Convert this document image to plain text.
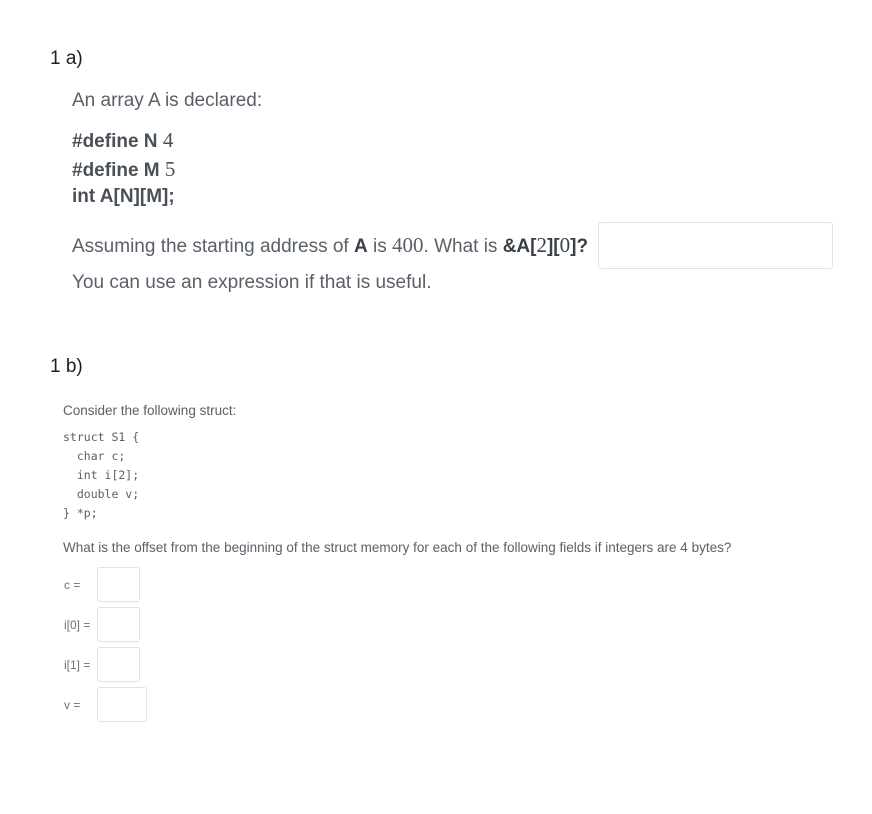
1 a)
An array A is declared:
#define N 4
#define M 5
int A[N][M];
Assuming the starting address of A is 400. What is &A[2][0]?
You can use an expression if that is useful.
1 b)
Consider the following struct:
struct S1 {
char c;
int i[2];
double v;
} *p;
What is the offset from the beginning of the struct memory for each of the following fields if integers are 4 bytes?
c =
i[0] =
i[1] =
v =
